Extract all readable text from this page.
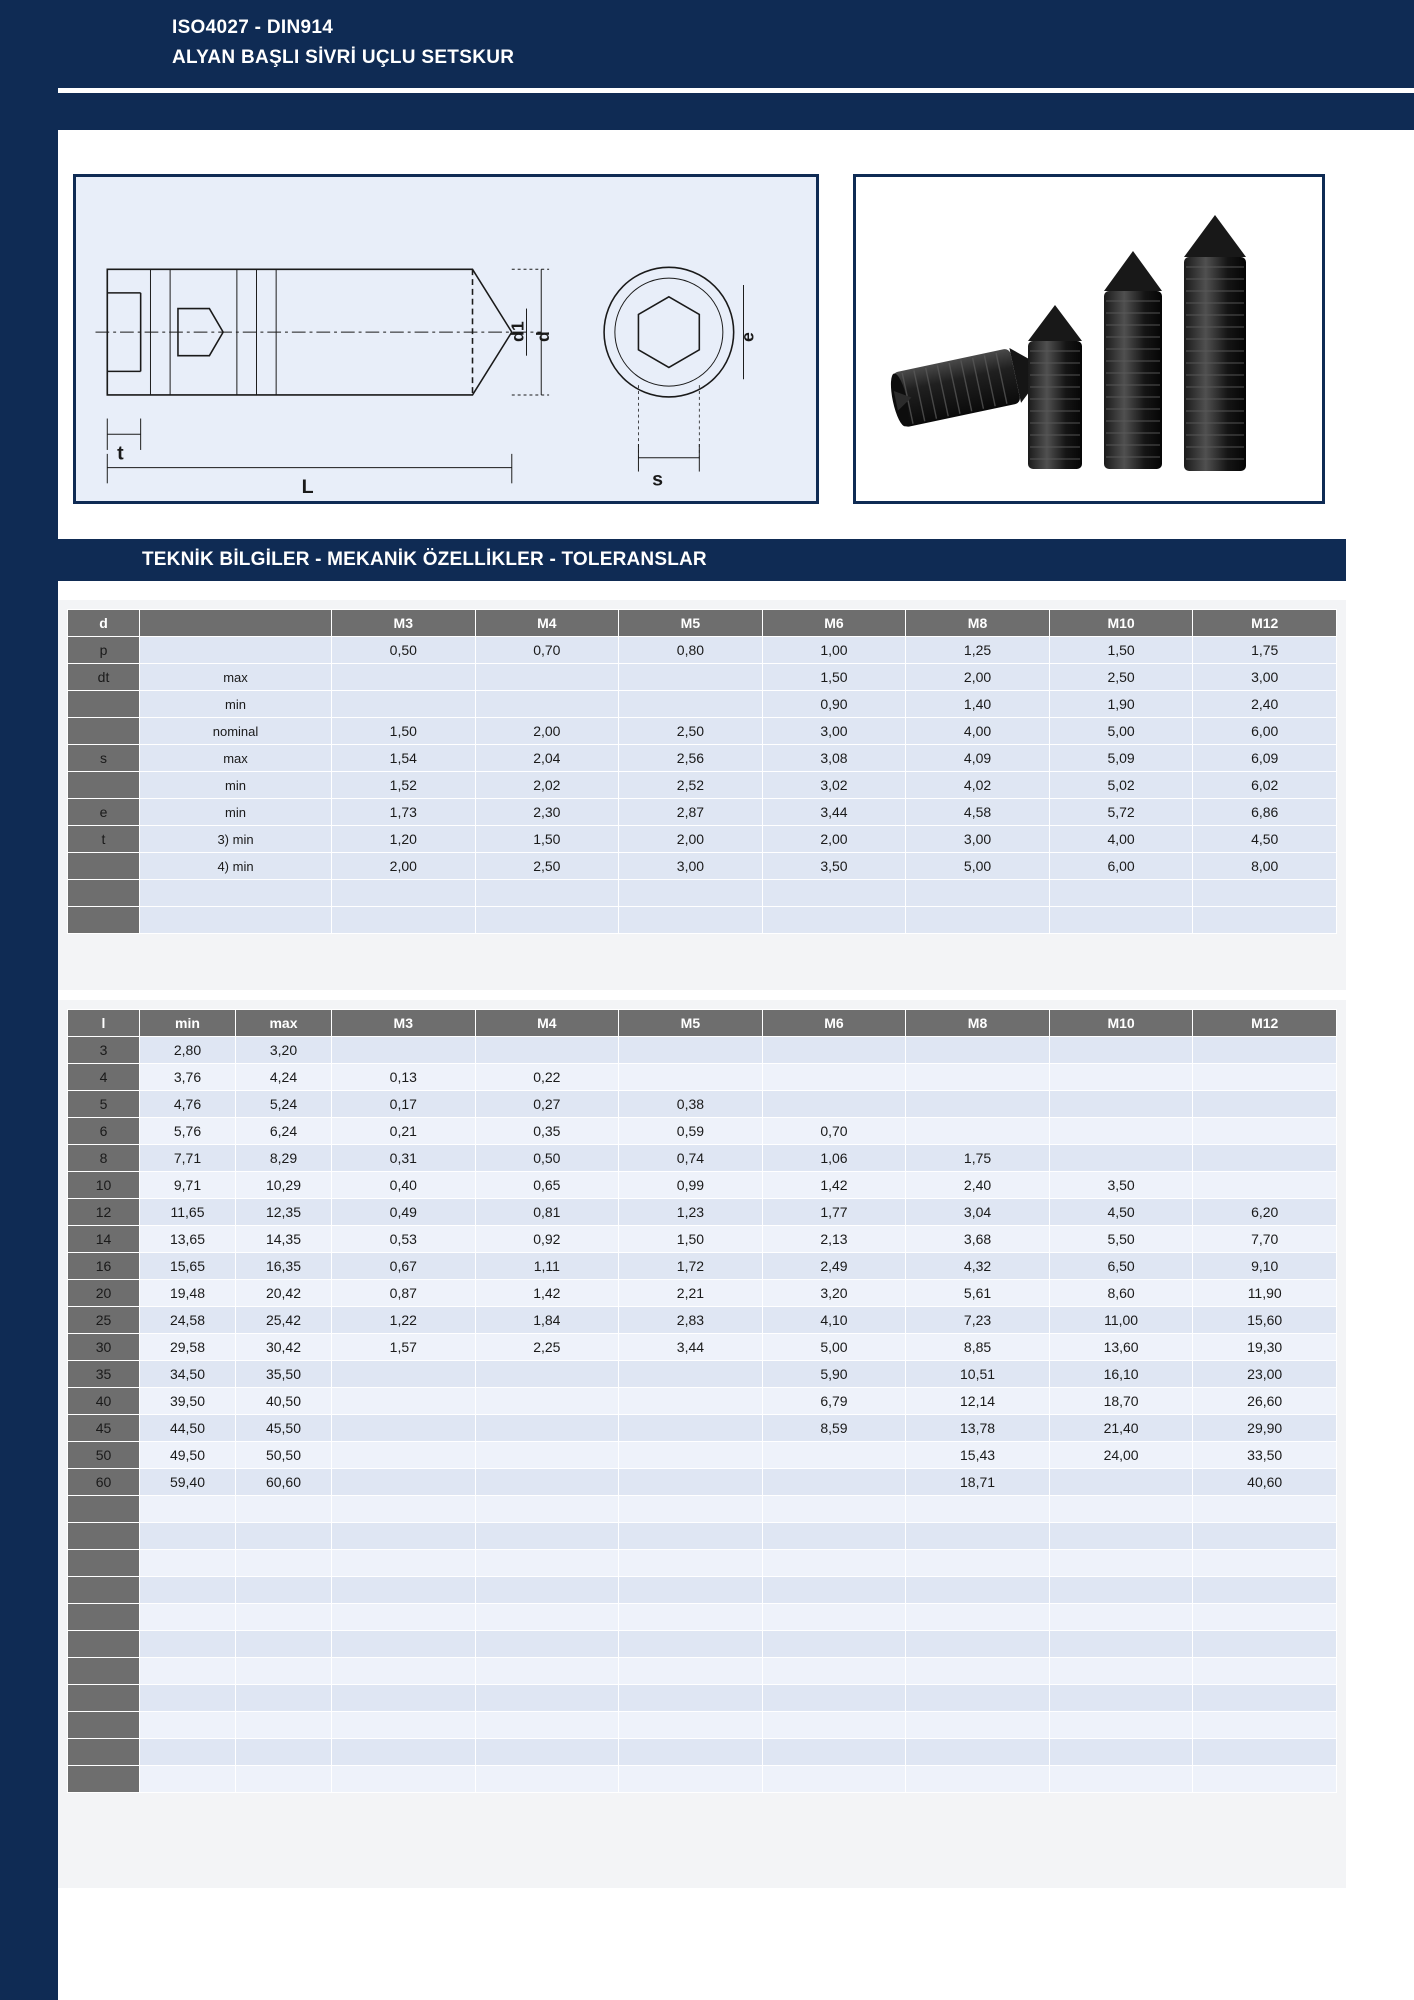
ISO4027 - DIN914
ALYAN BAŞLI SİVRİ UÇLU SETSKUR
t
L	s
d1 d	e
TEKNİK BİLGİLER - MEKANİK ÖZELLİKLER - TOLERANSLAR
d		M3	M4	M5	M6	M8	M10	M12
p		0,50	0,70	0,80	1,00	1,25	1,50	1,75
dt	max				1,50	2,00	2,50	3,00
	min				0,90	1,40	1,90	2,40
	nominal	1,50	2,00	2,50	3,00	4,00	5,00	6,00
s	max	1,54	2,04	2,56	3,08	4,09	5,09	6,09
	min	1,52	2,02	2,52	3,02	4,02	5,02	6,02
e	min	1,73	2,30	2,87	3,44	4,58	5,72	6,86
t	3) min	1,20	1,50	2,00	2,00	3,00	4,00	4,50
	4) min	2,00	2,50	3,00	3,50	5,00	6,00	8,00

l	min	max	M3	M4	M5	M6	M8	M10	M12
3	2,80	3,20							
4	3,76	4,24	0,13	0,22					
5	4,76	5,24	0,17	0,27	0,38				
6	5,76	6,24	0,21	0,35	0,59	0,70			
8	7,71	8,29	0,31	0,50	0,74	1,06	1,75		
10	9,71	10,29	0,40	0,65	0,99	1,42	2,40	3,50	
12	11,65	12,35	0,49	0,81	1,23	1,77	3,04	4,50	6,20
14	13,65	14,35	0,53	0,92	1,50	2,13	3,68	5,50	7,70
16	15,65	16,35	0,67	1,11	1,72	2,49	4,32	6,50	9,10
20	19,48	20,42	0,87	1,42	2,21	3,20	5,61	8,60	11,90
25	24,58	25,42	1,22	1,84	2,83	4,10	7,23	11,00	15,60
30	29,58	30,42	1,57	2,25	3,44	5,00	8,85	13,60	19,30
35	34,50	35,50				5,90	10,51	16,10	23,00
40	39,50	40,50				6,79	12,14	18,70	26,60
45	44,50	45,50				8,59	13,78	21,40	29,90
50	49,50	50,50					15,43	24,00	33,50
60	59,40	60,60					18,71		40,60
